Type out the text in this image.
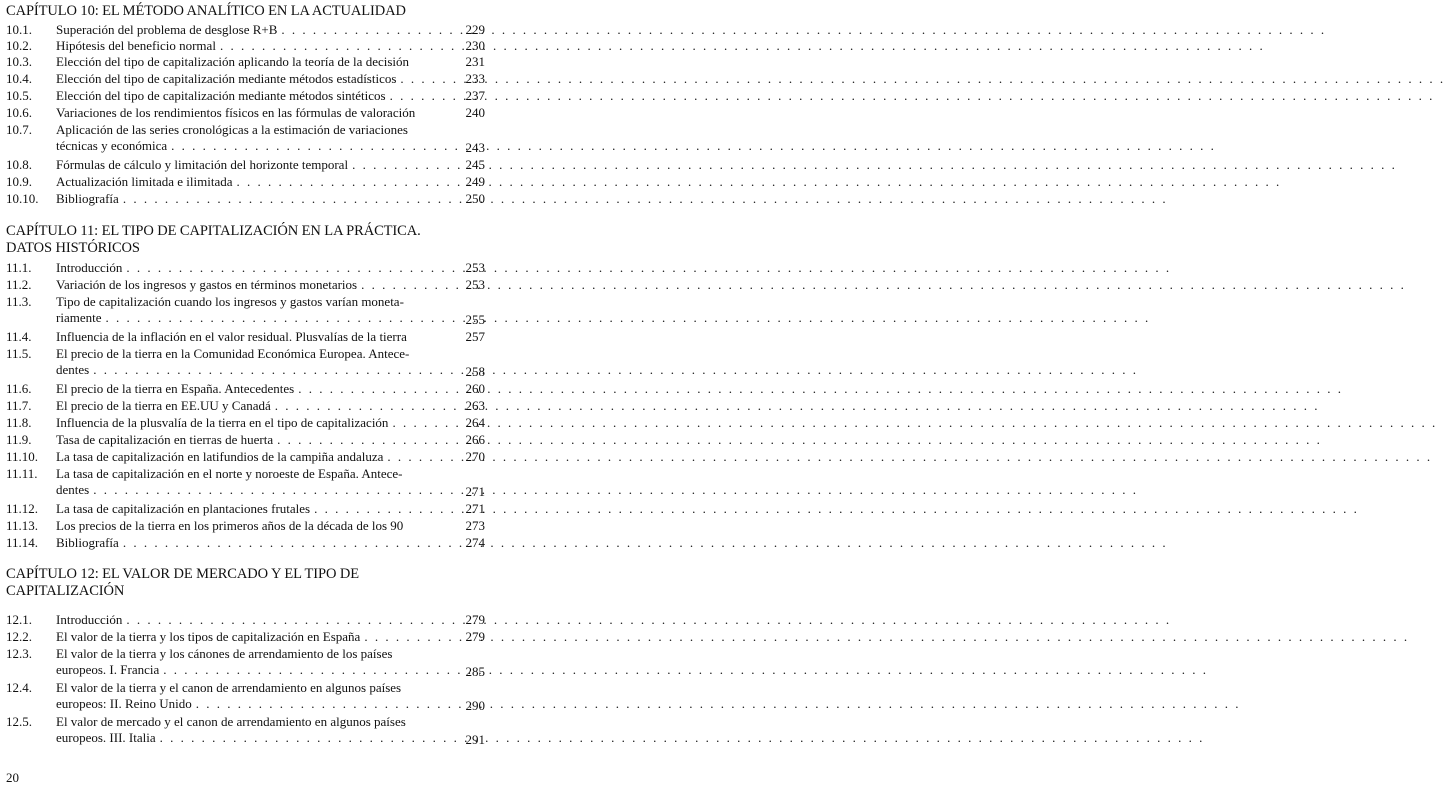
CAPÍTULO 10: EL MÉTODO ANALÍTICO EN LA ACTUALIDAD
10.1.	Superación del problema de desglose R+B . . .	229
10.2.	Hipótesis del beneficio normal . . .	230
10.3.	Elección del tipo de capitalización aplicando la teoría de la decisión	231
10.4.	Elección del tipo de capitalización mediante métodos estadísticos . . .	233
10.5.	Elección del tipo de capitalización mediante métodos sintéticos . . .	237
10.6.	Variaciones de los rendimientos físicos en las fórmulas de valoración	240
10.7.	Aplicación de las series cronológicas a la estimación de variaciones
técnicas y económica . . .	243
10.8.	Fórmulas de cálculo y limitación del horizonte temporal . . .	245
10.9.	Actualización limitada e ilimitada . . .	249
10.10.	Bibliografía . . .	250
CAPÍTULO 11: EL TIPO DE CAPITALIZACIÓN EN LA PRÁCTICA.
DATOS HISTÓRICOS
11.1.	Introducción . . .	253
11.2.	Variación de los ingresos y gastos en términos monetarios . . .	253
11.3.	Tipo de capitalización cuando los ingresos y gastos varían moneta-
riamente . . .	255
11.4.	Influencia de la inflación en el valor residual. Plusvalías de la tierra	257
11.5.	El precio de la tierra en la Comunidad Económica Europea. Antece-
dentes . . .	258
11.6.	El precio de la tierra en España. Antecedentes . . .	260
11.7.	El precio de la tierra en EE.UU y Canadá . . .	263
11.8.	Influencia de la plusvalía de la tierra en el tipo de capitalización . . .	264
11.9.	Tasa de capitalización en tierras de huerta . . .	266
11.10.	La tasa de capitalización en latifundios de la campiña andaluza . . .	270
11.11.	La tasa de capitalización en el norte y noroeste de España. Antece-
dentes . . .	271
11.12.	La tasa de capitalización en plantaciones frutales . . .	271
11.13.	Los precios de la tierra en los primeros años de la década de los 90	273
11.14.	Bibliografía . . .	274
CAPÍTULO 12: EL VALOR DE MERCADO Y EL TIPO DE
CAPITALIZACIÓN
12.1.	Introducción . . .	279
12.2.	El valor de la tierra y los tipos de capitalización en España . . .	279
12.3.	El valor de la tierra y los cánones de arrendamiento de los países
europeos. I. Francia . . .	285
12.4.	El valor de la tierra y el canon de arrendamiento en algunos países
europeos: II. Reino Unido . . .	290
12.5.	El valor de mercado y el canon de arrendamiento en algunos países
europeos. III. Italia . . .	291
20
